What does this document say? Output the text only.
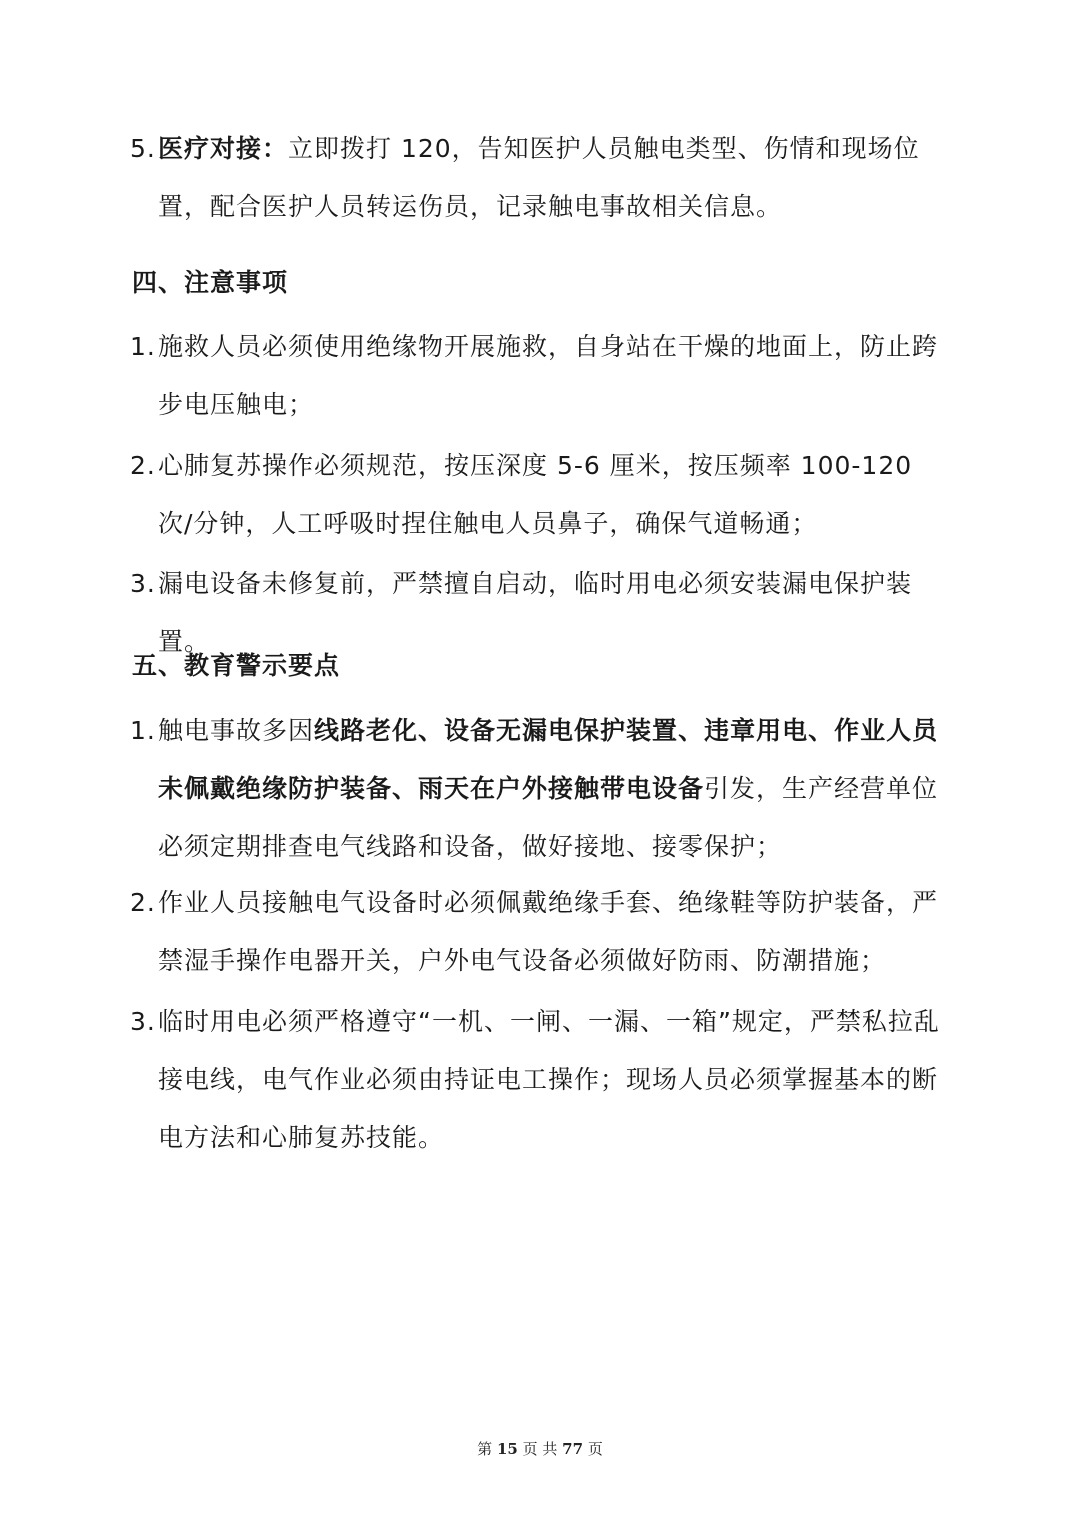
5. 医疗对接：立即拨打 120，告知医护人员触电类型、伤情和现场位置，配合医护人员转运伤员，记录触电事故相关信息。
四、注意事项
1. 施救人员必须使用绝缘物开展施救，自身站在干燥的地面上，防止跨步电压触电；
2. 心肺复苏操作必须规范，按压深度 5-6 厘米，按压频率 100-120 次/分钟，人工呼吸时捏住触电人员鼻子，确保气道畅通；
3. 漏电设备未修复前，严禁擅自启动，临时用电必须安装漏电保护装置。
五、教育警示要点
1. 触电事故多因线路老化、设备无漏电保护装置、违章用电、作业人员未佩戴绝缘防护装备、雨天在户外接触带电设备引发，生产经营单位必须定期排查电气线路和设备，做好接地、接零保护；
2. 作业人员接触电气设备时必须佩戴绝缘手套、绝缘鞋等防护装备，严禁湿手操作电器开关，户外电气设备必须做好防雨、防潮措施；
3. 临时用电必须严格遵守“一机、一闸、一漏、一箱”规定，严禁私拉乱接电线，电气作业必须由持证电工操作；现场人员必须掌握基本的断电方法和心肺复苏技能。
第 15 页 共 77 页
